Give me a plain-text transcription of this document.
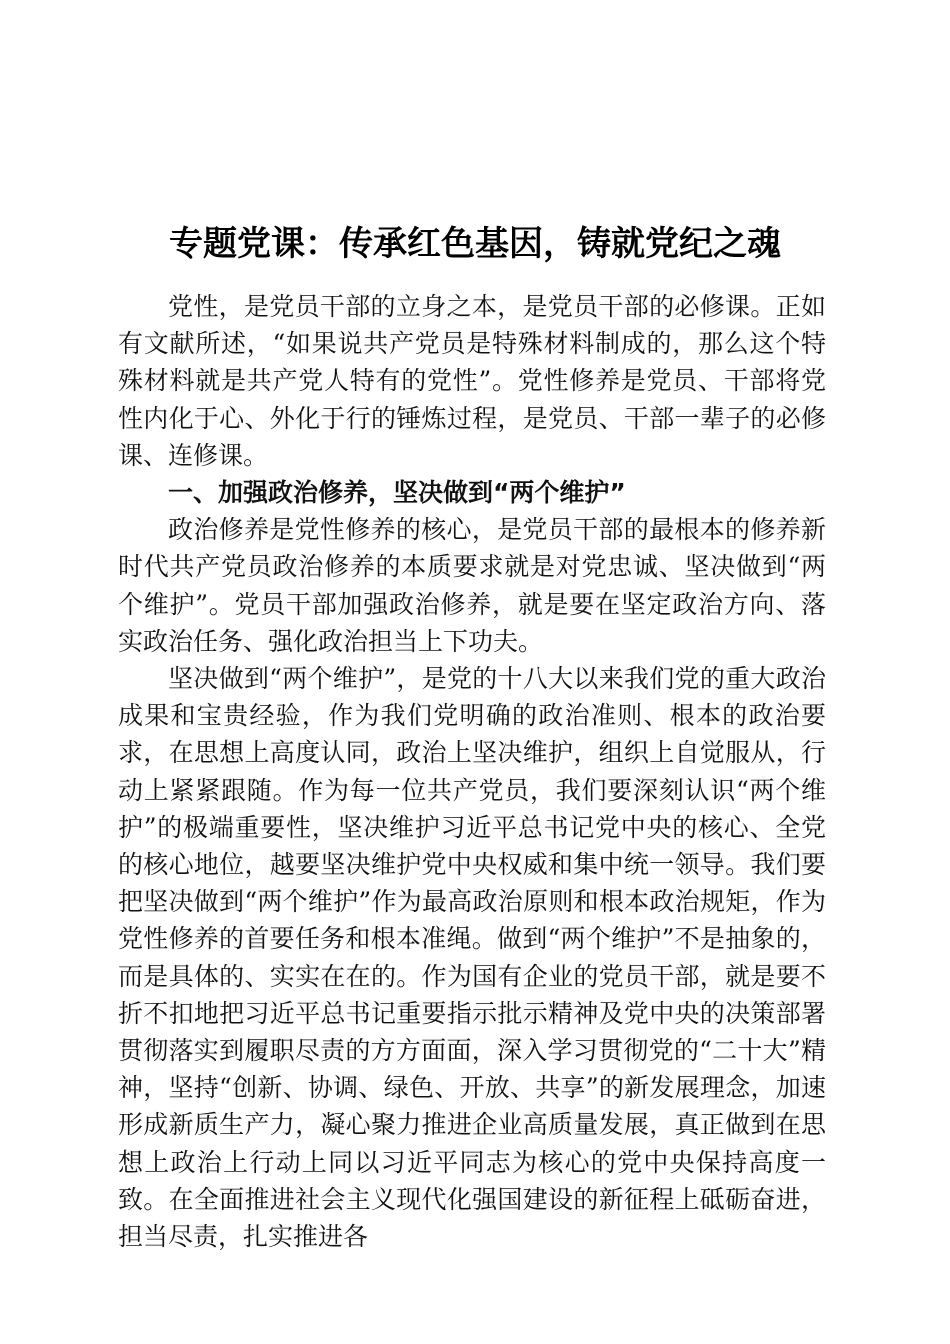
专题党课：传承红色基因，铸就党纪之魂

党性，是党员干部的立身之本，是党员干部的必修课。正如有文献所述，“如果说共产党员是特殊材料制成的，那么这个特殊材料就是共产党人特有的党性”。党性修养是党员、干部将党性内化于心、外化于行的锤炼过程，是党员、干部一辈子的必修课、连修课。

一、加强政治修养，坚决做到“两个维护”

政治修养是党性修养的核心，是党员干部的最根本的修养新时代共产党员政治修养的本质要求就是对党忠诚、坚决做到“两个维护”。党员干部加强政治修养，就是要在坚定政治方向、落实政治任务、强化政治担当上下功夫。

坚决做到“两个维护”，是党的十八大以来我们党的重大政治成果和宝贵经验，作为我们党明确的政治准则、根本的政治要求，在思想上高度认同，政治上坚决维护，组织上自觉服从，行动上紧紧跟随。作为每一位共产党员，我们要深刻认识“两个维护”的极端重要性，坚决维护习近平总书记党中央的核心、全党的核心地位，越要坚决维护党中央权威和集中统一领导。我们要把坚决做到“两个维护”作为最高政治原则和根本政治规矩，作为党性修养的首要任务和根本准绳。做到“两个维护”不是抽象的，而是具体的、实实在在的。作为国有企业的党员干部，就是要不折不扣地把习近平总书记重要指示批示精神及党中央的决策部署贯彻落实到履职尽责的方方面面，深入学习贯彻党的“二十大”精神，坚持“创新、协调、绿色、开放、共享”的新发展理念，加速形成新质生产力，凝心聚力推进企业高质量发展，真正做到在思想上政治上行动上同以习近平同志为核心的党中央保持高度一致。在全面推进社会主义现代化强国建设的新征程上砥砺奋进，担当尽责，扎实推进各
